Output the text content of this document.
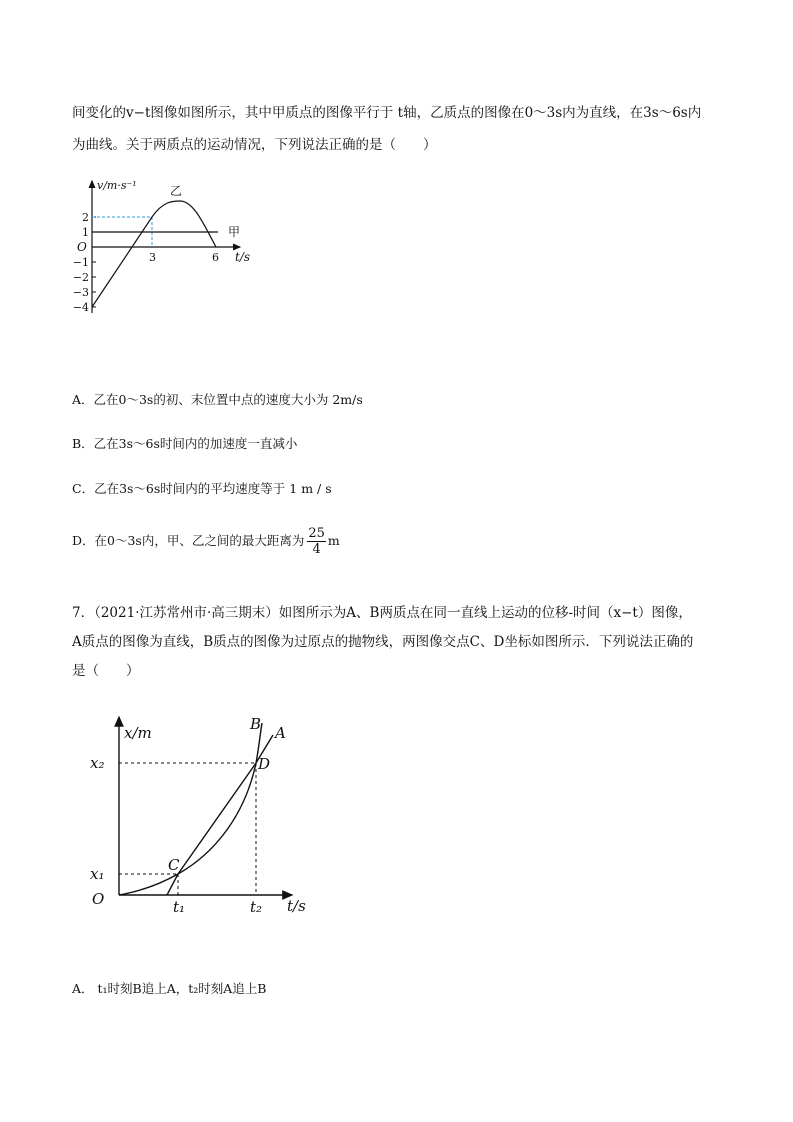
间变化的v−t图像如图所示，其中甲质点的图像平行于 t轴，乙质点的图像在0～3s内为直线，在3s～6s内
为曲线。关于两质点的运动情况，下列说法正确的是（　　）
v/m·s⁻¹	乙
甲
O
2
1
−1
−2
−3
−4
3	6 t/s
A．乙在0～3s的初、末位置中点的速度大小为 2m/s
B．乙在3s～6s时间内的加速度一直减小
C．乙在3s～6s时间内的平均速度等于 1 m / s
D．在0～3s内，甲、乙之间的最大距离为 $\frac{25}{4}$ m
7．（2021·江苏常州市·高三期末）如图所示为A、B两质点在同一直线上运动的位移-时间（x−t）图像，
A质点的图像为直线，B质点的图像为过原点的抛物线，两图像交点C、D坐标如图所示．下列说法正确的
是（　　）
x/m	B A
D
C
x₂
x₁
O	t₁	t₂ t/s
A． t₁时刻B追上A，t₂时刻A追上B
